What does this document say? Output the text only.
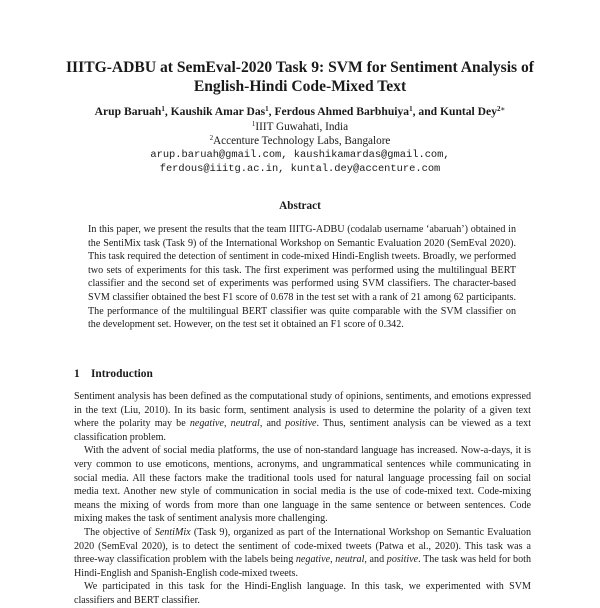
IIITG-ADBU at SemEval-2020 Task 9: SVM for Sentiment Analysis of
English-Hindi Code-Mixed Text
Arup Baruah$^1$, Kaushik Amar Das$^1$, Ferdous Ahmed Barbhuiya$^1$, and Kuntal Dey$^{2∗}$
$^1$IIIT Guwahati, India
$^2$Accenture Technology Labs, Bangalore
arup.baruah@gmail.com, kaushikamardas@gmail.com,
ferdous@iiitg.ac.in, kuntal.dey@accenture.com
Abstract

In this paper, we present the results that the team IIITG-ADBU (codalab username ‘abaruah’) obtained in the SentiMix task (Task 9) of the International Workshop on Semantic Evaluation 2020 (SemEval 2020). This task required the detection of sentiment in code-mixed Hindi-English tweets. Broadly, we performed two sets of experiments for this task. The first experiment was performed using the multilingual BERT classifier and the second set of experiments was performed using SVM classifiers. The character-based SVM classifier obtained the best F1 score of 0.678 in the test set with a rank of 21 among 62 participants. The performance of the multilingual BERT classifier was quite comparable with the SVM classifier on the development set. However, on the test set it obtained an F1 score of 0.342.

1 Introduction

Sentiment analysis has been defined as the computational study of opinions, sentiments, and emotions expressed in the text (Liu, 2010). In its basic form, sentiment analysis is used to determine the polarity of a given text where the polarity may be negative, neutral, and positive. Thus, sentiment analysis can be viewed as a text classification problem.

With the advent of social media platforms, the use of non-standard language has increased. Now-a-days, it is very common to use emoticons, mentions, acronyms, and ungrammatical sentences while communicating in social media. All these factors make the traditional tools used for natural language processing fail on social media text. Another new style of communication in social media is the use of code-mixed text. Code-mixing means the mixing of words from more than one language in the same sentence or between sentences. Code mixing makes the task of sentiment analysis more challenging.

The objective of SentiMix (Task 9), organized as part of the International Workshop on Semantic Evaluation 2020 (SemEval 2020), is to detect the sentiment of code-mixed tweets (Patwa et al., 2020). This task was a three-way classification problem with the labels being negative, neutral, and positive. The task was held for both Hindi-English and Spanish-English code-mixed tweets.

We participated in this task for the Hindi-English language. In this task, we experimented with SVM classifiers and BERT classifier.
